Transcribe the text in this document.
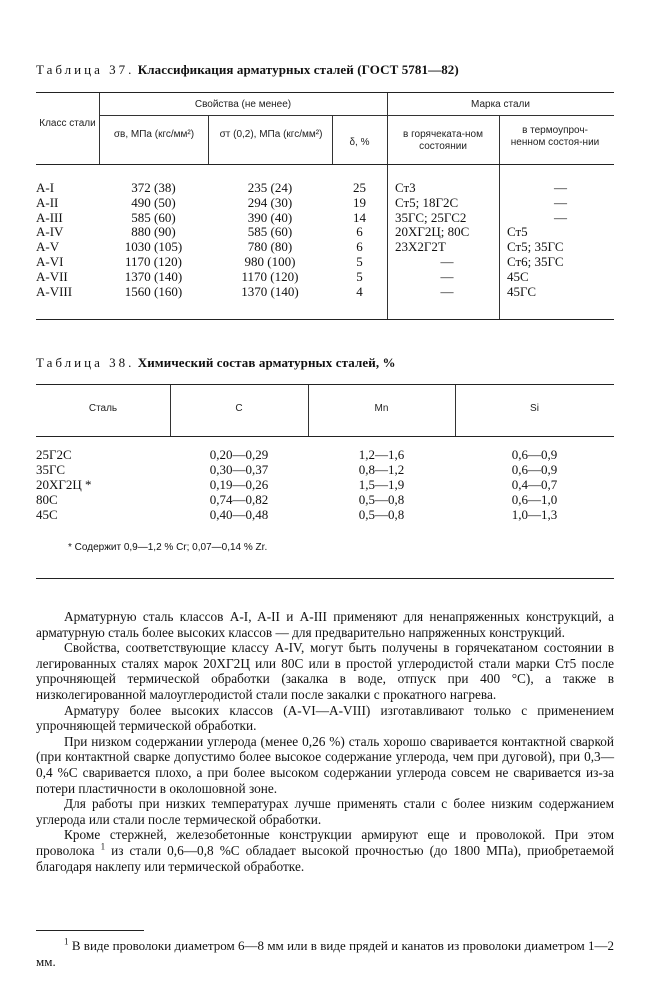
Таблица 37. Классификация арматурных сталей (ГОСТ 5781—82)
Класс стали
Свойства (не менее)
σв, МПа (кгс/мм²)	σт (0,2), МПа (кгс/мм²)
δ, %
Марка стали
в горячеката-ном состоянии
в термоупроч-ненном состоя-нии
A-I	372 (38)	235 (24)	25	Ст3	—
A-II	490 (50)	294 (30)	19	Ст5; 18Г2С	—
A-III	585 (60)	390 (40)	14	35ГС; 25ГС2	—
A-IV	880 (90)	585 (60)	6	20ХГ2Ц; 80С	Ст5
A-V	1030 (105)	780 (80)	6	23Х2Г2Т	Ст5; 35ГС
A-VI	1170 (120)	980 (100)	5	—	Ст6; 35ГС
A-VII	1370 (140)	1170 (120)	5	—	45С
A-VIII	1560 (160)	1370 (140)	4	—	45ГС
Таблица 38. Химический состав арматурных сталей, %
Сталь	C	Mn	Si
25Г2С	0,20—0,29	1,2—1,6	0,6—0,9
35ГС	0,30—0,37	0,8—1,2	0,6—0,9
20ХГ2Ц *	0,19—0,26	1,5—1,9	0,4—0,7
80С	0,74—0,82	0,5—0,8	0,6—1,0
45С	0,40—0,48	0,5—0,8	1,0—1,3
* Содержит 0,9—1,2 % Cr; 0,07—0,14 % Zr.

Арматурную сталь классов A-I, A-II и A-III применяют для ненапряженных конструкций, а арматурную сталь более высоких классов — для предварительно напряженных конструкций.

Свойства, соответствующие классу A-IV, могут быть получены в горячекатаном состоянии в легированных сталях марок 20ХГ2Ц или 80С или в простой углеродистой стали марки Ст5 после упрочняющей термической обработки (закалка в воде, отпуск при 400 °С), а также в низколегированной малоуглеродистой стали после закалки с прокатного нагрева.

Арматуру более высоких классов (A-VI—A-VIII) изготавливают только с применением упрочняющей термической обработки.

При низком содержании углерода (менее 0,26 %) сталь хорошо сваривается контактной сваркой (при контактной сварке допустимо более высокое содержание углерода, чем при дуговой), при 0,3—0,4 %С сваривается плохо, а при более высоком содержании углерода совсем не сваривается из-за потери пластичности в околошовной зоне.

Для работы при низких температурах лучше применять стали с более низким содержанием углерода или стали после термической обработки.

Кроме стержней, железобетонные конструкции армируют еще и проволокой. При этом проволока $^1$ из стали 0,6—0,8 %С обладает высокой прочностью (до 1800 МПа), приобретаемой благодаря наклепу или термической обработке.

$^1$ В виде проволоки диаметром 6—8 мм или в виде прядей и канатов из проволоки диаметром 1—2 мм.
